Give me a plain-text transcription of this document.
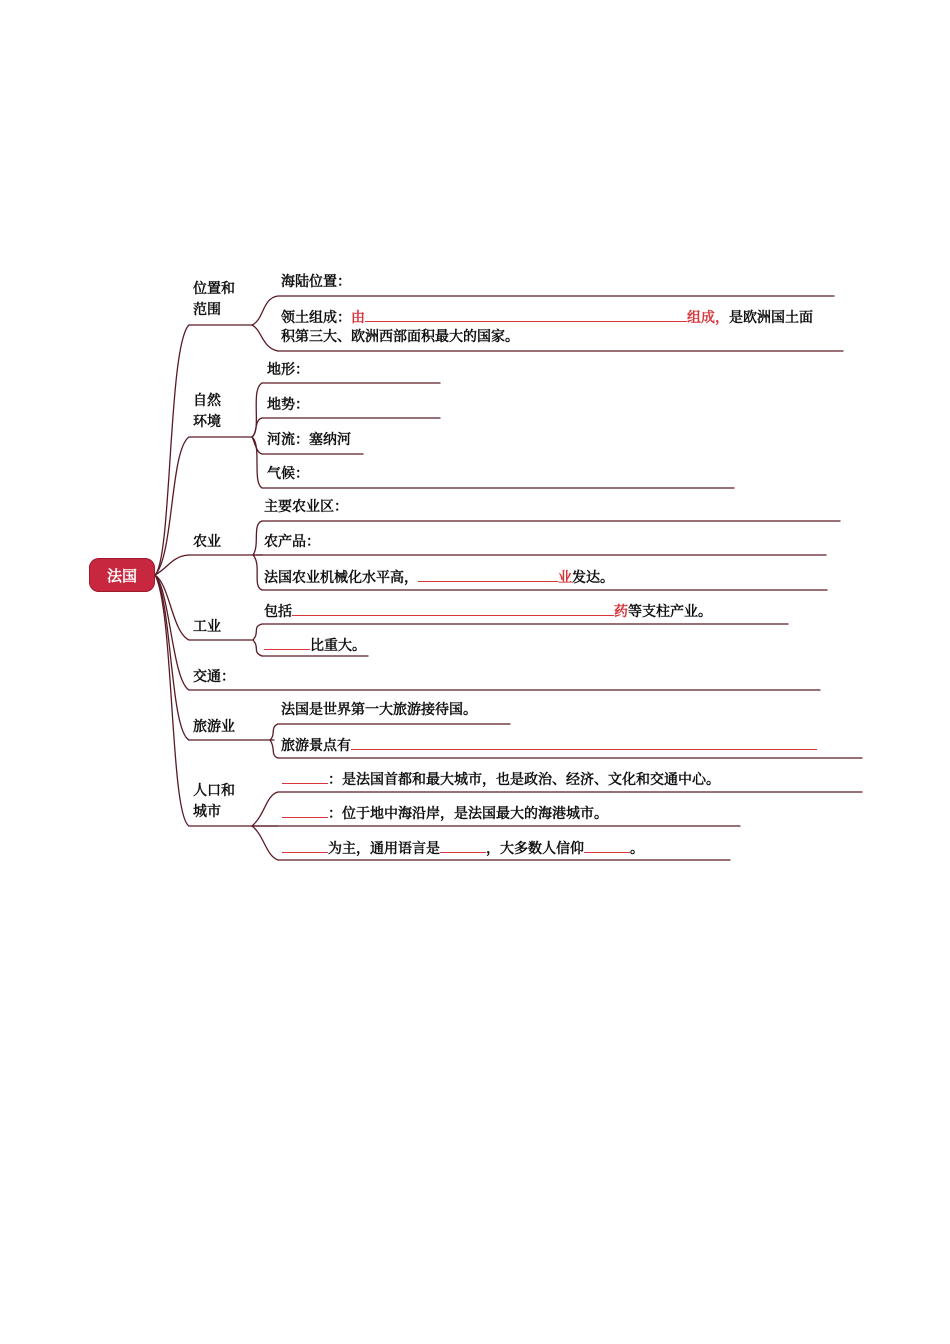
法国
位置和
范围
海陆位置：
领土组成：由	组成，是欧洲国土面
积第三大、欧洲西部面积最大的国家。
自然
环境
地形：
地势：
河流：塞纳河
气候：
农业
主要农业区：
农产品：
法国农业机械化水平高，	业发达。
工业
包括	药等支柱产业。
比重大。
交通：
旅游业
法国是世界第一大旅游接待国。
旅游景点有
人口和
城市
：是法国首都和最大城市，也是政治、经济、文化和交通中心。
：位于地中海沿岸，是法国最大的海港城市。
为主，通用语言是	，大多数人信仰	。
